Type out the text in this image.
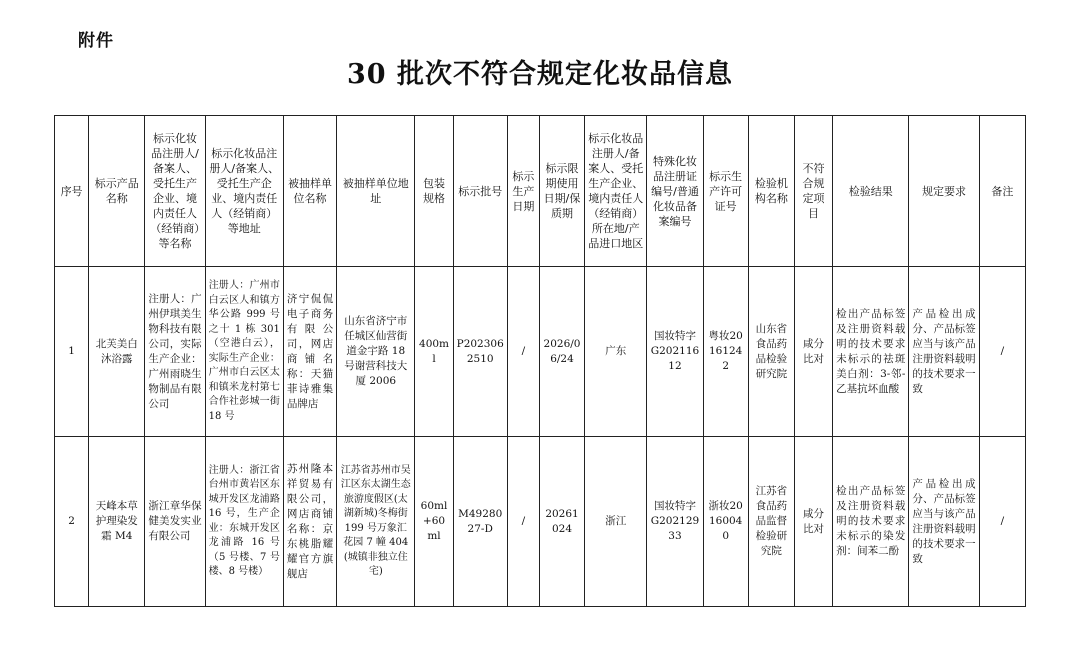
附件
30 批次不符合规定化妆品信息
序号	标示产品名称	标示化妆品注册人/备案人、受托生产企业、境内责任人（经销商）等名称	标示化妆品注册人/备案人、受托生产企业、境内责任人（经销商）等地址	被抽样单位名称	被抽样单位地址	包装规格	标示批号	标示生产日期	标示限期使用日期/保质期	标示化妆品注册人/备案人、受托生产企业、境内责任人（经销商）所在地/产品进口地区	特殊化妆品注册证编号/普通化妆品备案编号	标示生产许可证号	检验机构名称	不符合规定项目	检验结果	规定要求	备注
1	北芙美白沐浴露	注册人：广州伊琪美生物科技有限公司，实际生产企业：广州雨晓生物制品有限公司	注册人：广州市白云区人和镇方华公路 999 号之十 1 栋 301（空港白云），实际生产企业：广州市白云区太和镇米龙村第七合作社彭城一街 18 号	济宁侃侃电子商务有限公司，网店商铺名称：天猫菲诗雅集品牌店	山东省济宁市任城区仙营街道金宇路 18 号谢营科技大厦 2006	400ml	P2023062510	/	2026/06/24	广东	国妆特字G20211612	粤妆20161242	山东省食品药品检验研究院	咸分比对	检出产品标签及注册资料载明的技术要求未标示的祛斑美白剂：3-邻-乙基抗坏血酸	产品检出成分、产品标签应当与该产品注册资料载明的技术要求一致	/
2	天峰本草护理染发霜 M4	浙江章华保健美发实业有限公司	注册人：浙江省台州市黄岩区东城开发区龙浦路 16 号，生产企业：东城开发区龙浦路 16 号（5 号楼、7 号楼、8 号楼）	苏州隆本祥贸易有限公司，网店商铺名称：京东桃脂耀耀官方旗舰店	江苏省苏州市吴江区东太湖生态旅游度假区(太湖新城)冬梅街 199 号万象汇花园 7 幢 404(城镇非独立住宅)	60ml+60ml	M4928027-D	/	20261024	浙江	国妆特字G20212933	浙妆20160040	江苏省食品药品监督检验研究院	咸分比对	检出产品标签及注册资料载明的技术要求未标示的染发剂：间苯二酚	产品检出成分、产品标签应当与该产品注册资料载明的技术要求一致	/
